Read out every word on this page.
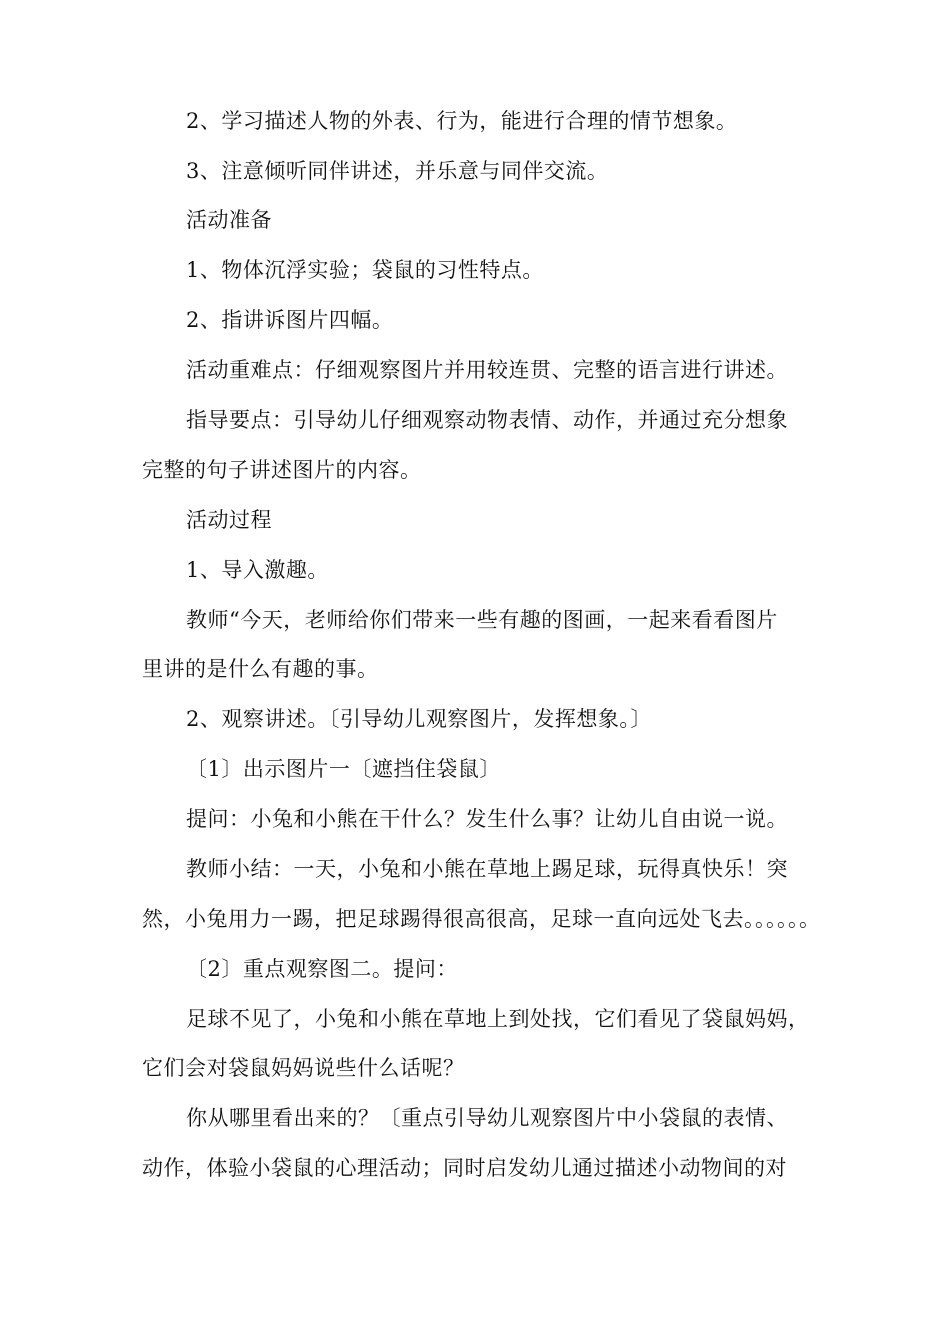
2、学习描述人物的外表、行为，能进行合理的情节想象。
3、注意倾听同伴讲述，并乐意与同伴交流。
活动准备
1、物体沉浮实验；袋鼠的习性特点。
2、指讲诉图片四幅。
活动重难点：仔细观察图片并用较连贯、完整的语言进行讲述。
指导要点：引导幼儿仔细观察动物表情、动作，并通过充分想象
完整的句子讲述图片的内容。
活动过程
1、导入激趣。
教师“今天，老师给你们带来一些有趣的图画，一起来看看图片
里讲的是什么有趣的事。
2、观察讲述。〔引导幼儿观察图片，发挥想象。〕
〔1〕出示图片一〔遮挡住袋鼠〕
提问：小兔和小熊在干什么？发生什么事？让幼儿自由说一说。
教师小结：一天，小兔和小熊在草地上踢足球，玩得真快乐！突
然，小兔用力一踢，把足球踢得很高很高，足球一直向远处飞去。。。。。。
〔2〕重点观察图二。提问：
足球不见了，小兔和小熊在草地上到处找，它们看见了袋鼠妈妈，
它们会对袋鼠妈妈说些什么话呢？
你从哪里看出来的？〔重点引导幼儿观察图片中小袋鼠的表情、
动作，体验小袋鼠的心理活动；同时启发幼儿通过描述小动物间的对
